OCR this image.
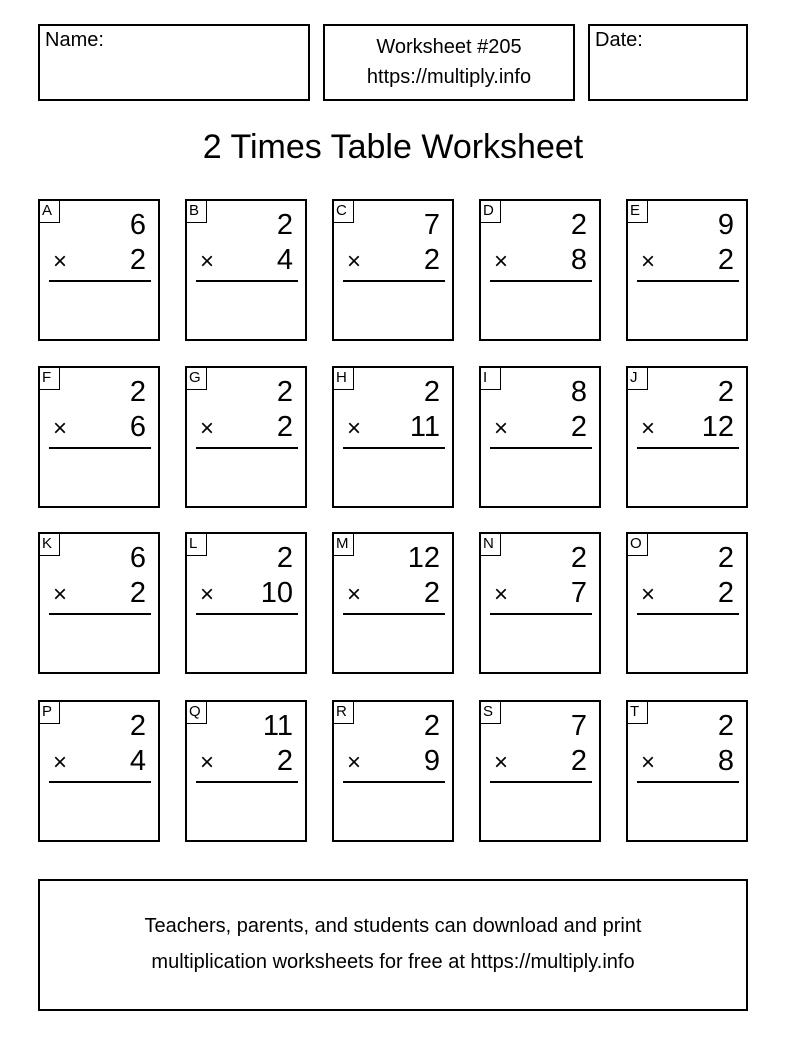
Name:	Worksheet #205
https://multiply.info
Date:
2 Times Table Worksheet
A	6
× 2
B	2
× 4
C	7
× 2
D	2
× 8
E	9
× 2
F	2
× 6
G	2
× 2
H	2
× 11
I	8
× 2
J	2
× 12
K	6
× 2
L	2
× 10
M 12
× 2
N	2
× 7
O	2
× 2
P	2
× 4
Q 11
× 2
R	2
× 9
S	7
× 2
T	2
× 8
Teachers, parents, and students can download and print
multiplication worksheets for free at https://multiply.info
